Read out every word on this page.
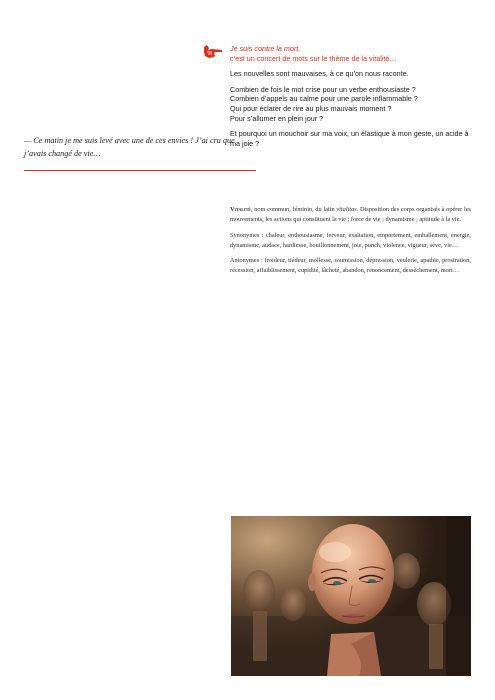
Je suis contre la mort,

c’est un concert de mots sur le thème de la vitalité…

Les nouvelles sont mauvaises, à ce qu’on nous raconte.

Combien de fois le mot crise pour un verbe enthousiaste ?

Combien d’appels au calme pour une parole inflammable ?

Qui pour éclater de rire au plus mauvais moment ?

Pour s’allumer en plein jour ?

Et pourquoi un mouchoir sur ma voix, un élastique à mon geste, un acide à ma joie ?

— Ce matin je me suis levé avec une de ces envies ! J’ai cru que j’avais changé de vie…

Vitalité, nom commun, féminin, du latin vitalitas. Disposition des corps organisés à opérer les mouvements, les actions qui constituent la vie ; force de vie ; dynamisme ; aptitude à la vie.

Synonymes : chaleur, enthousiasme, ferveur, exaltation, emportement, emballement, énergie, dynamisme, audace, hardiesse, bouillonnement, joie, punch, violence, vigueur, sève, vie…

Antonymes : froideur, tiédeur, mollesse, soumission, dépression, veulerie, apathie, prostration, récession, affaiblissement, cupidité, lâcheté, abandon, renoncement, dessèchement, mort…
